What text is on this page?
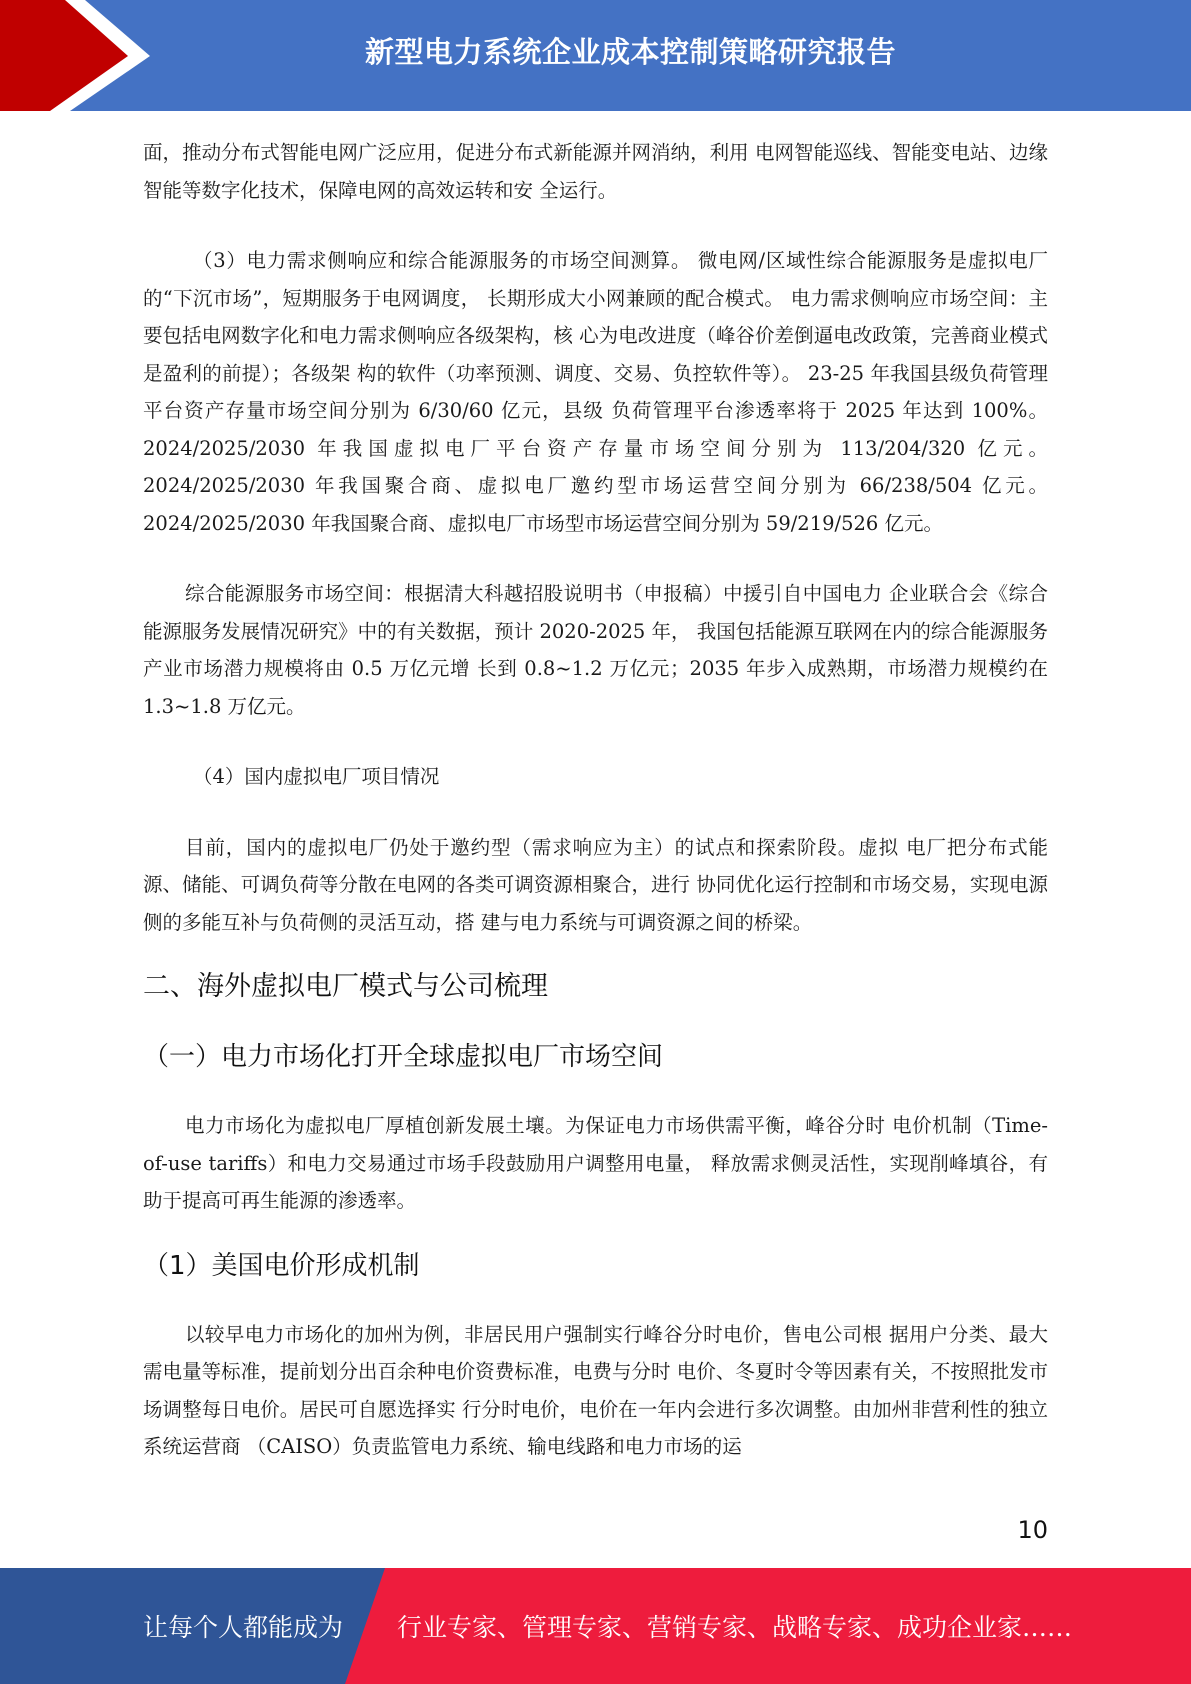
新型电力系统企业成本控制策略研究报告

面，推动分布式智能电网广泛应用，促进分布式新能源并网消纳，利用 电网智能巡线、智能变电站、边缘智能等数字化技术，保障电网的高效运转和安 全运行。

（3）电力需求侧响应和综合能源服务的市场空间测算。 微电网/区域性综合能源服务是虚拟电厂的“下沉市场”，短期服务于电网调度， 长期形成大小网兼顾的配合模式。 电力需求侧响应市场空间：主要包括电网数字化和电力需求侧响应各级架构，核 心为电改进度（峰谷价差倒逼电改政策，完善商业模式是盈利的前提）；各级架 构的软件（功率预测、调度、交易、负控软件等）。 23-25 年我国县级负荷管理平台资产存量市场空间分别为 6/30/60 亿元，县级 负荷管理平台渗透率将于 2025 年达到 100%。 2024/2025/2030 年我国虚拟电厂平台资产存量市场空间分别为 113/204/320 亿元。 2024/2025/2030 年我国聚合商、虚拟电厂邀约型市场运营空间分别为 66/238/504 亿元。 2024/2025/2030 年我国聚合商、虚拟电厂市场型市场运营空间分别为 59/219/526 亿元。

综合能源服务市场空间：根据清大科越招股说明书（申报稿）中援引自中国电力 企业联合会《综合能源服务发展情况研究》中的有关数据，预计 2020-2025 年， 我国包括能源互联网在内的综合能源服务产业市场潜力规模将由 0.5 万亿元增 长到 0.8~1.2 万亿元；2035 年步入成熟期，市场潜力规模约在 1.3~1.8 万亿元。

（4）国内虚拟电厂项目情况

目前，国内的虚拟电厂仍处于邀约型（需求响应为主）的试点和探索阶段。虚拟 电厂把分布式能源、储能、可调负荷等分散在电网的各类可调资源相聚合，进行 协同优化运行控制和市场交易，实现电源侧的多能互补与负荷侧的灵活互动，搭 建与电力系统与可调资源之间的桥梁。

二、海外虚拟电厂模式与公司梳理
（一）电力市场化打开全球虚拟电厂市场空间

电力市场化为虚拟电厂厚植创新发展土壤。为保证电力市场供需平衡，峰谷分时 电价机制（Time-of-use tariffs）和电力交易通过市场手段鼓励用户调整用电量， 释放需求侧灵活性，实现削峰填谷，有助于提高可再生能源的渗透率。

（1）美国电价形成机制

以较早电力市场化的加州为例，非居民用户强制实行峰谷分时电价，售电公司根 据用户分类、最大需电量等标准，提前划分出百余种电价资费标准，电费与分时 电价、冬夏时令等因素有关，不按照批发市场调整每日电价。居民可自愿选择实 行分时电价，电价在一年内会进行多次调整。由加州非营利性的独立系统运营商 （CAISO）负责监管电力系统、输电线路和电力市场的运

10
让每个人都能成为 行业专家、管理专家、营销专家、战略专家、成功企业家……
